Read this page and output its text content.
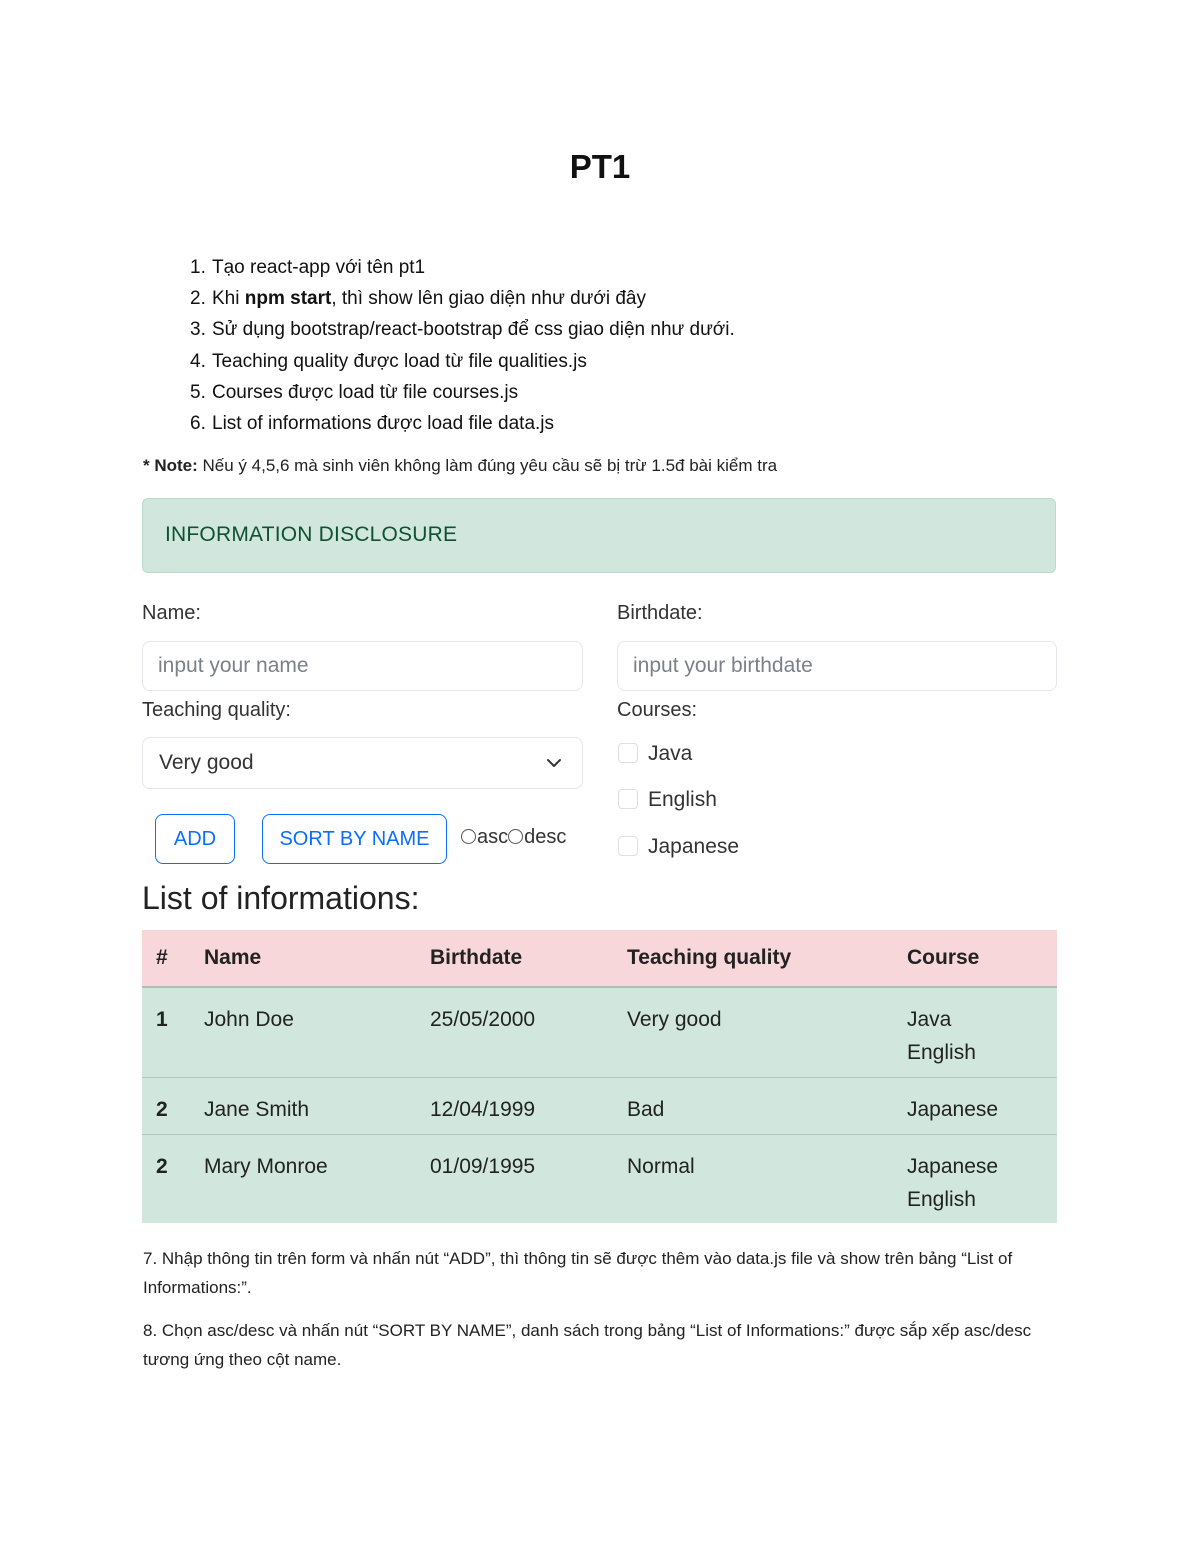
PT1
1. Tạo react-app với tên pt1
2. Khi npm start, thì show lên giao diện như dưới đây
3. Sử dụng bootstrap/react-bootstrap để css giao diện như dưới.
4. Teaching quality được load từ file qualities.js
5. Courses được load từ file courses.js
6. List of informations được load file data.js
* Note: Nếu ý 4,5,6 mà sinh viên không làm đúng yêu cầu sẽ bị trừ 1.5đ bài kiểm tra
INFORMATION DISCLOSURE
Name:
input your name	Birthdate:
input your birthdate
Teaching quality:
Very good
Courses:
Java
English
Japanese
ADD	SORT BY NAME	asc desc
List of informations:
#	Name	Birthdate	Teaching quality	Course
1	John Doe	25/05/2000	Very good	Java
English

2	Jane Smith	12/04/1999	Bad	Japanese

2	Mary Monroe	01/09/1995	Normal	Japanese
English
7. Nhập thông tin trên form và nhấn nút “ADD”, thì thông tin sẽ được thêm vào data.js file và show trên bảng “List of Informations:”.
8. Chọn asc/desc và nhấn nút “SORT BY NAME”, danh sách trong bảng “List of Informations:” được sắp xếp asc/desc tương ứng theo cột name.
